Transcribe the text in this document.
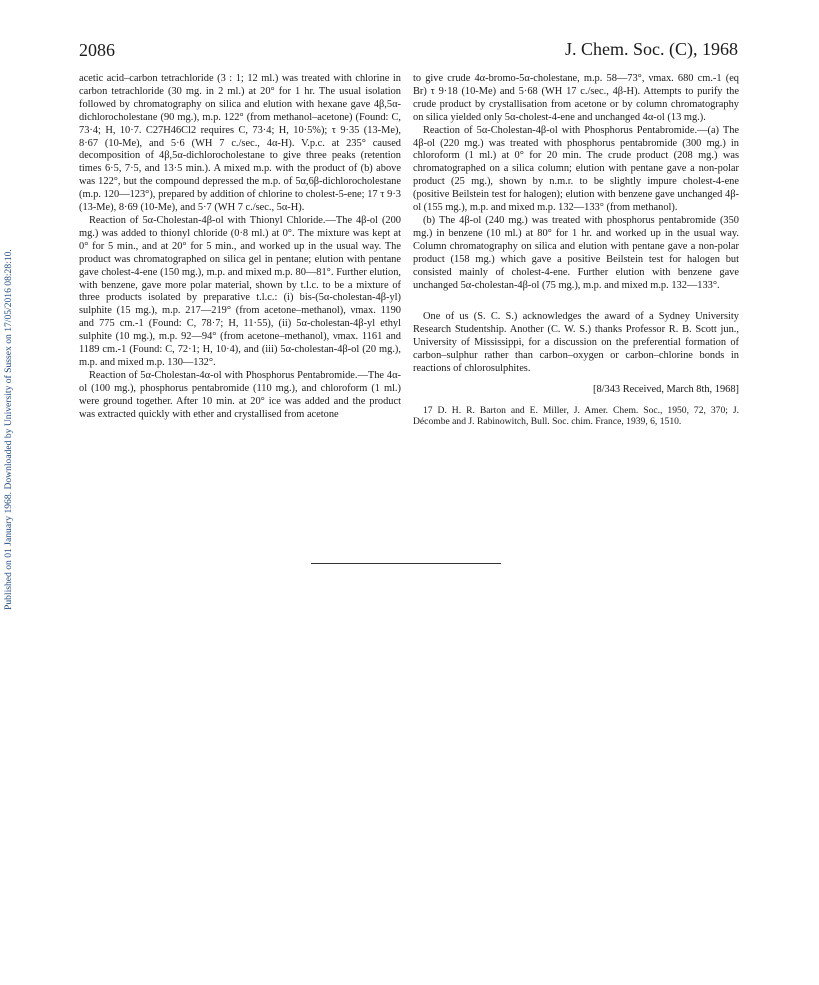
Published on 01 January 1968. Downloaded by University of Sussex on 17/05/2016 08:28:10.
2086	J. Chem. Soc. (C), 1968

acetic acid–carbon tetrachloride (3 : 1; 12 ml.) was treated with chlorine in carbon tetrachloride (30 mg. in 2 ml.) at 20° for 1 hr. The usual isolation followed by chromatography on silica and elution with hexane gave 4β,5α-dichlorocholestane (90 mg.), m.p. 122° (from methanol–acetone) (Found: C, 73·4; H, 10·7. C27H46Cl2 requires C, 73·4; H, 10·5%); τ 9·35 (13-Me), 8·67 (10-Me), and 5·6 (WH 7 c./sec., 4α-H). V.p.c. at 235° caused decomposition of 4β,5α-dichlorocholestane to give three peaks (retention times 6·5, 7·5, and 13·5 min.). A mixed m.p. with the product of (b) above was 122°, but the compound depressed the m.p. of 5α,6β-dichlorocholestane (m.p. 120—123°), prepared by addition of chlorine to cholest-5-ene; 17 τ 9·3 (13-Me), 8·69 (10-Me), and 5·7 (WH 7 c./sec., 5α-H).

Reaction of 5α-Cholestan-4β-ol with Thionyl Chloride.—The 4β-ol (200 mg.) was added to thionyl chloride (0·8 ml.) at 0°. The mixture was kept at 0° for 5 min., and at 20° for 5 min., and worked up in the usual way. The product was chromatographed on silica gel in pentane; elution with pentane gave cholest-4-ene (150 mg.), m.p. and mixed m.p. 80—81°. Further elution, with benzene, gave more polar material, shown by t.l.c. to be a mixture of three products isolated by preparative t.l.c.: (i) bis-(5α-cholestan-4β-yl) sulphite (15 mg.), m.p. 217—219° (from acetone–methanol), νmax. 1190 and 775 cm.-1 (Found: C, 78·7; H, 11·55), (ii) 5α-cholestan-4β-yl ethyl sulphite (10 mg.), m.p. 92—94° (from acetone–methanol), νmax. 1161 and 1189 cm.-1 (Found: C, 72·1; H, 10·4), and (iii) 5α-cholestan-4β-ol (20 mg.), m.p. and mixed m.p. 130—132°.

Reaction of 5α-Cholestan-4α-ol with Phosphorus Pentabromide.—The 4α-ol (100 mg.), phosphorus pentabromide (110 mg.), and chloroform (1 ml.) were ground together. After 10 min. at 20° ice was added and the product was extracted quickly with ether and crystallised from acetone

to give crude 4α-bromo-5α-cholestane, m.p. 58—73°, νmax. 680 cm.-1 (eq Br) τ 9·18 (10-Me) and 5·68 (WH 17 c./sec., 4β-H). Attempts to purify the crude product by crystallisation from acetone or by column chromatography on silica yielded only 5α-cholest-4-ene and unchanged 4α-ol (13 mg.).

Reaction of 5α-Cholestan-4β-ol with Phosphorus Pentabromide.—(a) The 4β-ol (220 mg.) was treated with phosphorus pentabromide (300 mg.) in chloroform (1 ml.) at 0° for 20 min. The crude product (208 mg.) was chromatographed on a silica column; elution with pentane gave a non-polar product (25 mg.), shown by n.m.r. to be slightly impure cholest-4-ene (positive Beilstein test for halogen); elution with benzene gave unchanged 4β-ol (155 mg.), m.p. and mixed m.p. 132—133° (from methanol).

(b) The 4β-ol (240 mg.) was treated with phosphorus pentabromide (350 mg.) in benzene (10 ml.) at 80° for 1 hr. and worked up in the usual way. Column chromatography on silica and elution with pentane gave a non-polar product (158 mg.) which gave a positive Beilstein test for halogen but consisted mainly of cholest-4-ene. Further elution with benzene gave unchanged 5α-cholestan-4β-ol (75 mg.), m.p. and mixed m.p. 132—133°.

One of us (S. C. S.) acknowledges the award of a Sydney University Research Studentship. Another (C. W. S.) thanks Professor R. B. Scott jun., University of Mississippi, for a discussion on the preferential formation of carbon–sulphur rather than carbon–oxygen or carbon–chlorine bonds in reactions of chlorosulphites.

[8/343 Received, March 8th, 1968]

17 D. H. R. Barton and E. Miller, J. Amer. Chem. Soc., 1950, 72, 370; J. Décombe and J. Rabinowitch, Bull. Soc. chim. France, 1939, 6, 1510.
